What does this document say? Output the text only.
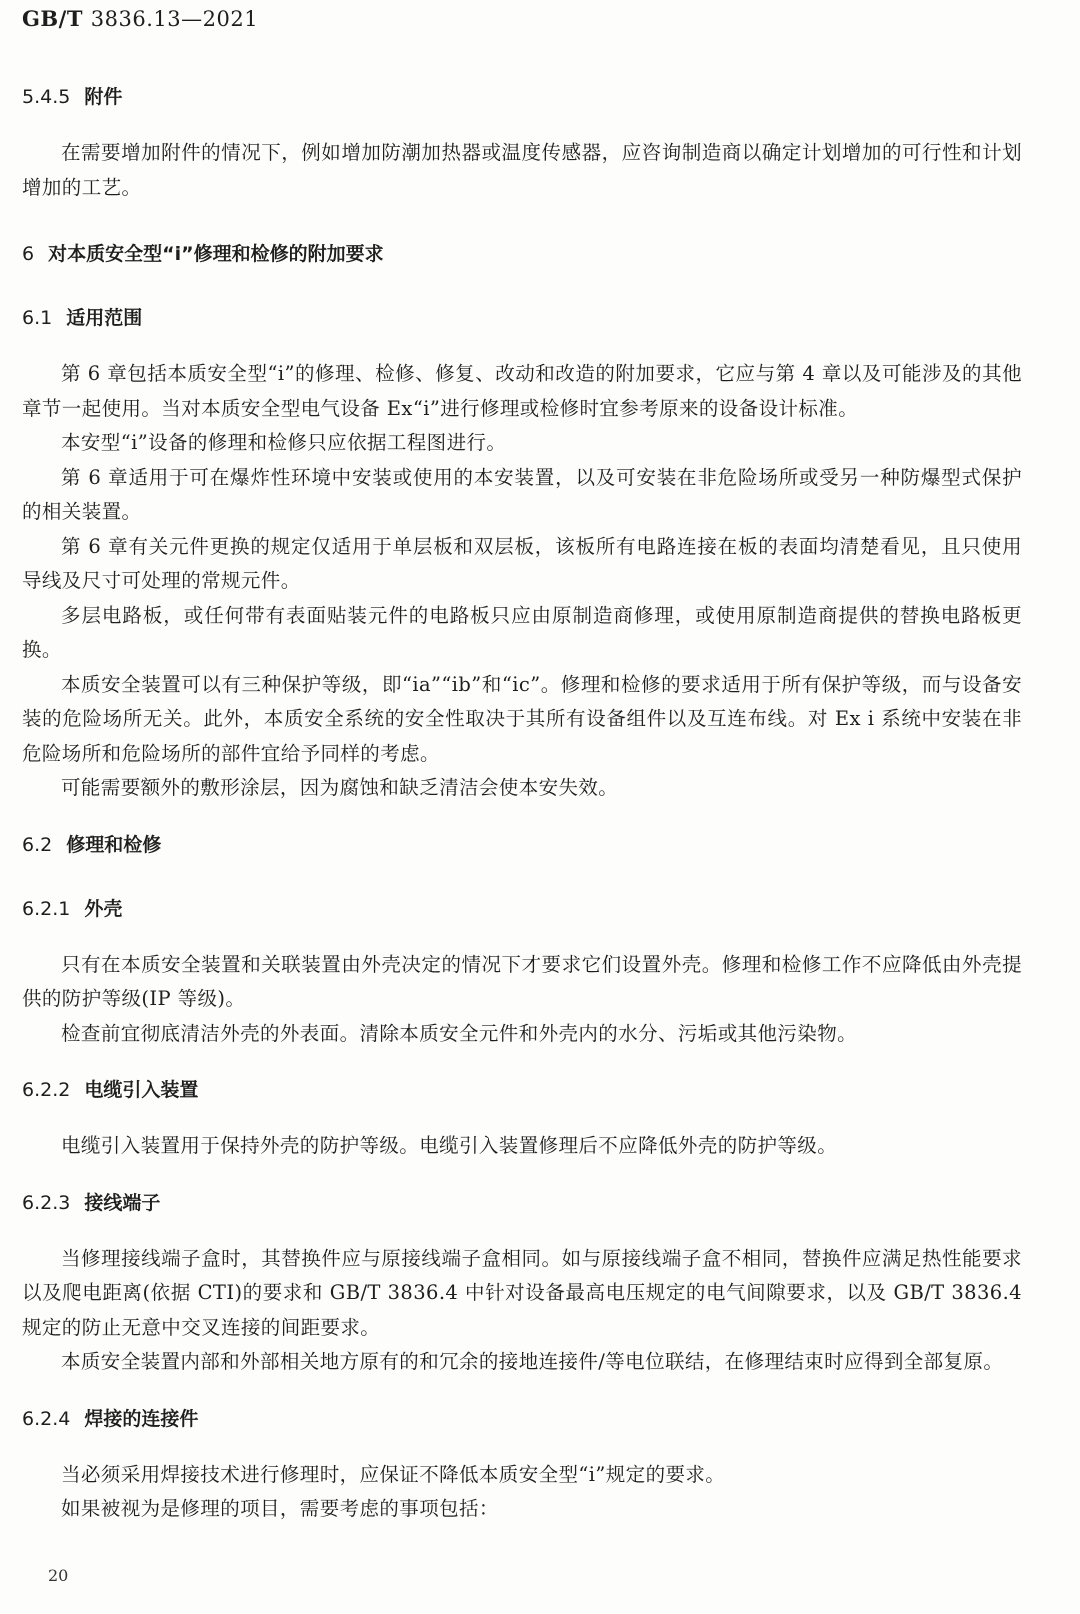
GB/T 3836.13—2021
5.4.5 附件

在需要增加附件的情况下，例如增加防潮加热器或温度传感器，应咨询制造商以确定计划增加的可行性和计划增加的工艺。

6 对本质安全型“i”修理和检修的附加要求
6.1 适用范围

第 6 章包括本质安全型“i”的修理、检修、修复、改动和改造的附加要求，它应与第 4 章以及可能涉及的其他章节一起使用。当对本质安全型电气设备 Ex“i”进行修理或检修时宜参考原来的设备设计标准。

本安型“i”设备的修理和检修只应依据工程图进行。

第 6 章适用于可在爆炸性环境中安装或使用的本安装置，以及可安装在非危险场所或受另一种防爆型式保护的相关装置。

第 6 章有关元件更换的规定仅适用于单层板和双层板，该板所有电路连接在板的表面均清楚看见，且只使用导线及尺寸可处理的常规元件。

多层电路板，或任何带有表面贴装元件的电路板只应由原制造商修理，或使用原制造商提供的替换电路板更换。

本质安全装置可以有三种保护等级，即“ia”“ib”和“ic”。修理和检修的要求适用于所有保护等级，而与设备安装的危险场所无关。此外，本质安全系统的安全性取决于其所有设备组件以及互连布线。对 Ex i 系统中安装在非危险场所和危险场所的部件宜给予同样的考虑。

可能需要额外的敷形涂层，因为腐蚀和缺乏清洁会使本安失效。

6.2 修理和检修
6.2.1 外壳

只有在本质安全装置和关联装置由外壳决定的情况下才要求它们设置外壳。修理和检修工作不应降低由外壳提供的防护等级(IP 等级)。

检查前宜彻底清洁外壳的外表面。清除本质安全元件和外壳内的水分、污垢或其他污染物。

6.2.2 电缆引入装置

电缆引入装置用于保持外壳的防护等级。电缆引入装置修理后不应降低外壳的防护等级。

6.2.3 接线端子

当修理接线端子盒时，其替换件应与原接线端子盒相同。如与原接线端子盒不相同，替换件应满足热性能要求以及爬电距离(依据 CTI)的要求和 GB/T 3836.4 中针对设备最高电压规定的电气间隙要求，以及 GB/T 3836.4 规定的防止无意中交叉连接的间距要求。

本质安全装置内部和外部相关地方原有的和冗余的接地连接件/等电位联结，在修理结束时应得到全部复原。

6.2.4 焊接的连接件

当必须采用焊接技术进行修理时，应保证不降低本质安全型“i”规定的要求。

如果被视为是修理的项目，需要考虑的事项包括：

20
